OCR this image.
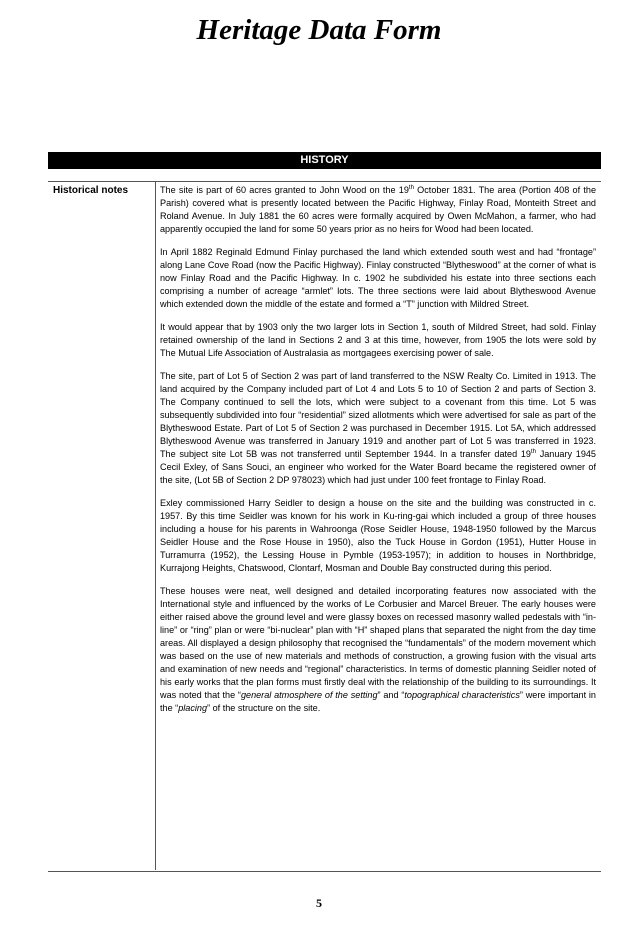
Heritage Data Form
HISTORY
Historical notes	The site is part of 60 acres granted to John Wood on the 19th October 1831. The area (Portion 408 of the Parish) covered what is presently located between the Pacific Highway, Finlay Road, Monteith Street and Roland Avenue. In July 1881 the 60 acres were formally acquired by Owen McMahon, a farmer, who had apparently occupied the land for some 50 years prior as no heirs for Wood had been located.

In April 1882 Reginald Edmund Finlay purchased the land which extended south west and had “frontage” along Lane Cove Road (now the Pacific Highway). Finlay constructed “Blytheswood” at the corner of what is now Finlay Road and the Pacific Highway. In c. 1902 he subdivided his estate into three sections each comprising a number of acreage “armlet” lots. The three sections were laid about Blytheswood Avenue which extended down the middle of the estate and formed a “T” junction with Mildred Street.

It would appear that by 1903 only the two larger lots in Section 1, south of Mildred Street, had sold. Finlay retained ownership of the land in Sections 2 and 3 at this time, however, from 1905 the lots were sold by The Mutual Life Association of Australasia as mortgagees exercising power of sale.

The site, part of Lot 5 of Section 2 was part of land transferred to the NSW Realty Co. Limited in 1913. The land acquired by the Company included part of Lot 4 and Lots 5 to 10 of Section 2 and parts of Section 3. The Company continued to sell the lots, which were subject to a covenant from this time. Lot 5 was subsequently subdivided into four “residential” sized allotments which were advertised for sale as part of the Blytheswood Estate. Part of Lot 5 of Section 2 was purchased in December 1915. Lot 5A, which addressed Blytheswood Avenue was transferred in January 1919 and another part of Lot 5 was transferred in 1923. The subject site Lot 5B was not transferred until September 1944. In a transfer dated 19th January 1945 Cecil Exley, of Sans Souci, an engineer who worked for the Water Board became the registered owner of the site, (Lot 5B of Section 2 DP 978023) which had just under 100 feet frontage to Finlay Road.

Exley commissioned Harry Seidler to design a house on the site and the building was constructed in c. 1957. By this time Seidler was known for his work in Ku-ring-gai which included a group of three houses including a house for his parents in Wahroonga (Rose Seidler House, 1948-1950 followed by the Marcus Seidler House and the Rose House in 1950), also the Tuck House in Gordon (1951), Hutter House in Turramurra (1952), the Lessing House in Pymble (1953-1957); in addition to houses in Northbridge, Kurrajong Heights, Chatswood, Clontarf, Mosman and Double Bay constructed during this period.

These houses were neat, well designed and detailed incorporating features now associated with the International style and influenced by the works of Le Corbusier and Marcel Breuer. The early houses were either raised above the ground level and were glassy boxes on recessed masonry walled pedestals with “in-line” or “ring” plan or were “bi-nuclear” plan with “H” shaped plans that separated the night from the day time areas. All displayed a design philosophy that recognised the “fundamentals” of the modern movement which was based on the use of new materials and methods of construction, a growing fusion with the visual arts and examination of new needs and “regional” characteristics. In terms of domestic planning Seidler noted of his early works that the plan forms must firstly deal with the relationship of the building to its surroundings. It was noted that the “general atmosphere of the setting” and “topographical characteristics” were important in the “placing” of the structure on the site.

5
